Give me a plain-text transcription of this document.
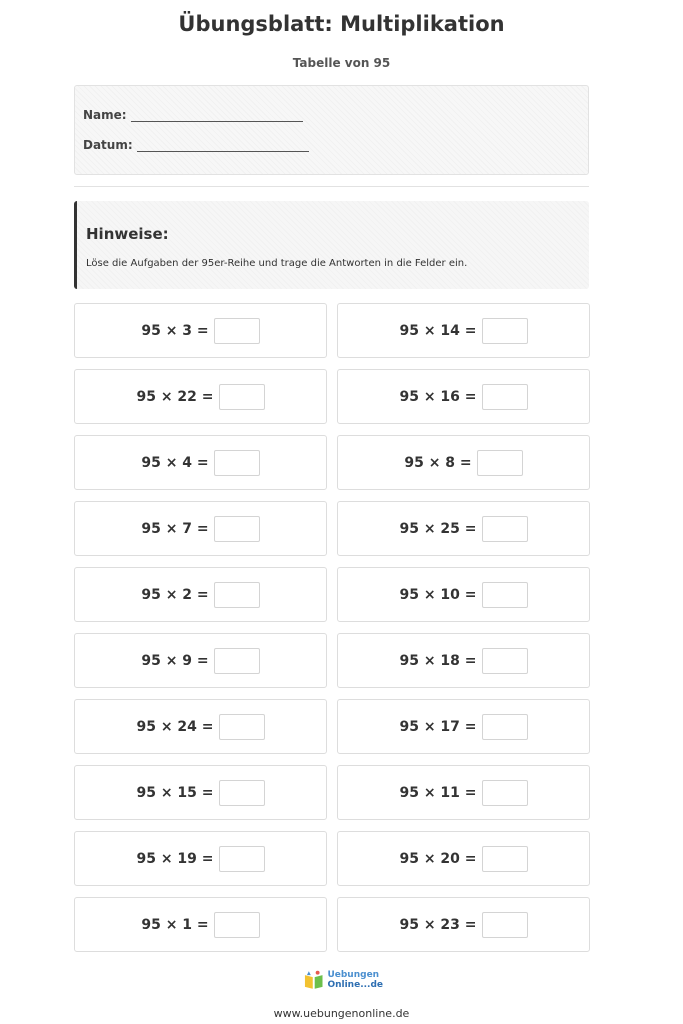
Übungsblatt: Multiplikation
Tabelle von 95
Name:
Datum:
Hinweise:
Löse die Aufgaben der 95er-Reihe und trage die Antworten in die Felder ein.
95 × 3 =	95 × 14 =
95 × 22 =	95 × 16 =
95 × 4 =	95 × 8 =
95 × 7 =	95 × 25 =
95 × 2 =	95 × 10 =
95 × 9 =	95 × 18 =
95 × 24 =	95 × 17 =
95 × 15 =	95 × 11 =
95 × 19 =	95 × 20 =
95 × 1 =	95 × 23 =
Uebungen
Online...de
www.uebungenonline.de
